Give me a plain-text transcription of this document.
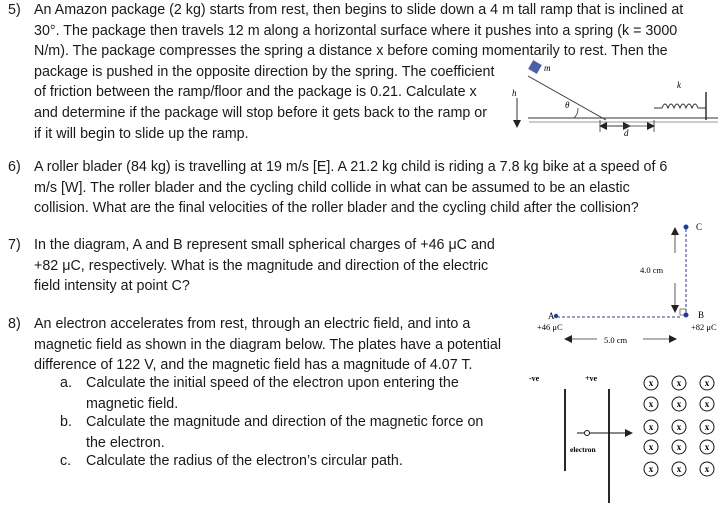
5) An Amazon package (2 kg) starts from rest, then begins to slide down a 4 m tall ramp that is inclined at
30°. The package then travels 12 m along a horizontal surface where it pushes into a spring (k = 3000
N/m). The package compresses the spring a distance x before coming momentarily to rest. Then the
package is pushed in the opposite direction by the spring. The coefficient
of friction between the ramp/floor and the package is 0.21. Calculate x
and determine if the package will stop before it gets back to the ramp or
if it will begin to slide up the ramp.
6) A roller blader (84 kg) is travelling at 19 m/s [E]. A 21.2 kg child is riding a 7.8 kg bike at a speed of 6
m/s [W]. The roller blader and the cycling child collide in what can be assumed to be an elastic
collision. What are the final velocities of the roller blader and the cycling child after the collision?
7) In the diagram, A and B represent small spherical charges of +46 μC and
+82 μC, respectively. What is the magnitude and direction of the electric
field intensity at point C?
8) An electron accelerates from rest, through an electric field, and into a
magnetic field as shown in the diagram below. The plates have a potential
difference of 122 V, and the magnetic field has a magnitude of 4.07 T.
a. Calculate the initial speed of the electron upon entering the
magnetic field.
b. Calculate the magnitude and direction of the magnetic force on
the electron.
c. Calculate the radius of the electron’s circular path.
m
h
θ
k
d
A
+46 μC
B
+82 μC
C
4.0 cm
5.0 cm
-ve	+ve
electron
x	x	x
x	x	x
x	x	x
x	x	x
x	x	x
